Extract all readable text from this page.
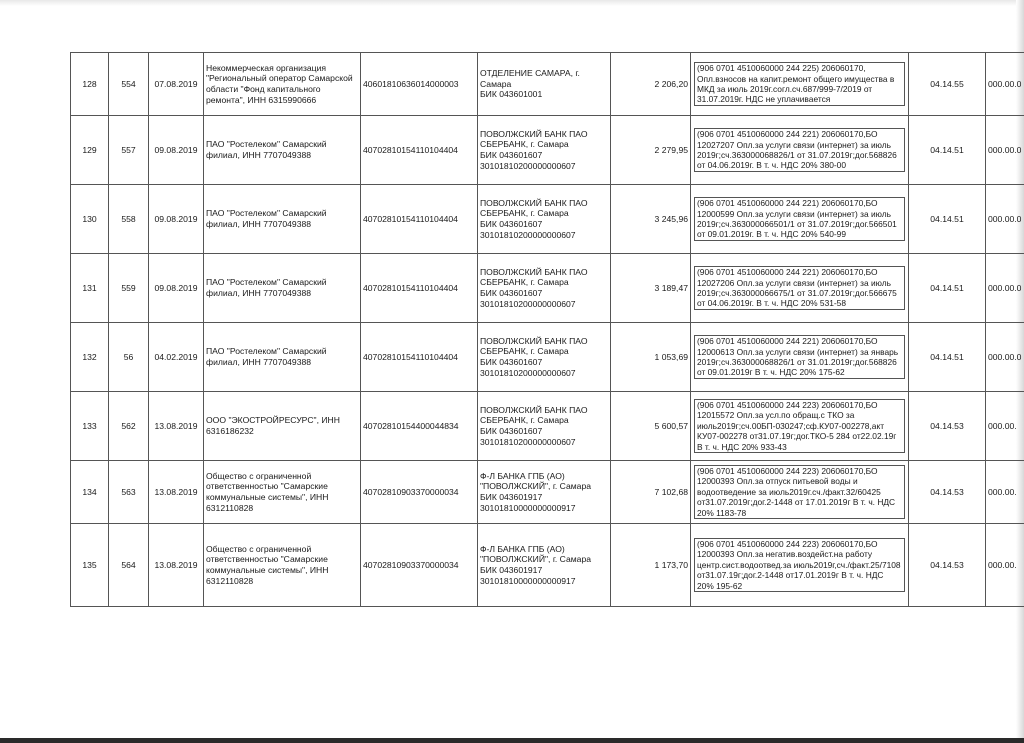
128	554	07.08.2019	Некоммерческая организация "Региональный оператор Самарской области "Фонд капитального ремонта", ИНН 6315990666	40601810636014000003	ОТДЕЛЕНИЕ САМАРА, г. Самара
БИК 043601001	2 206,20	(906 0701 4510060000 244 225) 206060170, Опл.взносов на капит.ремонт общего имущества в МКД за июль 2019г.согл.сч.687/999-7/2019 от 31.07.2019г. НДС не уплачивается	04.14.55	000.00.0
129	557	09.08.2019	ПАО "Ростелеком" Самарский филиал, ИНН 7707049388	40702810154110104404	ПОВОЛЖСКИЙ БАНК ПАО СБЕРБАНК, г. Самара
БИК 043601607
30101810200000000607	2 279,95	(906 0701 4510060000 244 221) 206060170,БО 12027207 Опл.за услуги связи (интернет) за июль 2019г;сч.363000068826/1 от 31.07.2019г;дог.568826 от 04.06.2019г. В т. ч. НДС 20% 380-00	04.14.51	000.00.0
130	558	09.08.2019	ПАО "Ростелеком" Самарский филиал, ИНН 7707049388	40702810154110104404	ПОВОЛЖСКИЙ БАНК ПАО СБЕРБАНК, г. Самара
БИК 043601607
30101810200000000607	3 245,96	(906 0701 4510060000 244 221) 206060170,БО 12000599 Опл.за услуги связи (интернет) за июль 2019г;сч.363000066501/1 от 31.07.2019г;дог.566501 от 09.01.2019г. В т. ч. НДС 20% 540-99	04.14.51	000.00.0
131	559	09.08.2019	ПАО "Ростелеком" Самарский филиал, ИНН 7707049388	40702810154110104404	ПОВОЛЖСКИЙ БАНК ПАО СБЕРБАНК, г. Самара
БИК 043601607
30101810200000000607	3 189,47	(906 0701 4510060000 244 221) 206060170,БО 12027206 Опл.за услуги связи (интернет) за июль 2019г;сч.363000066675/1 от 31.07.2019г;дог.566675 от 04.06.2019г. В т. ч. НДС 20% 531-58	04.14.51	000.00.0
132	56	04.02.2019	ПАО "Ростелеком" Самарский филиал, ИНН 7707049388	40702810154110104404	ПОВОЛЖСКИЙ БАНК ПАО СБЕРБАНК, г. Самара
БИК 043601607
30101810200000000607	1 053,69	(906 0701 4510060000 244 221) 206060170,БО 12000613 Опл.за услуги связи (интернет) за январь 2019г;сч.363000068826/1 от 31.01.2019г;дог.568826 от 09.01.2019г В т. ч. НДС 20% 175-62	04.14.51	000.00.0
133	562	13.08.2019	ООО "ЭКОСТРОЙРЕСУРС", ИНН 6316186232	40702810154400044834	ПОВОЛЖСКИЙ БАНК ПАО СБЕРБАНК, г. Самара
БИК 043601607
30101810200000000607	5 600,57	(906 0701 4510060000 244 223) 206060170,БО 12015572 Опл.за усл.по обращ.с ТКО за июль2019г;сч.00БП-030247;сф.КУ07-002278,акт КУ07-002278 от31.07.19г;дог.ТКО-5 284 от22.02.19г В т. ч. НДС 20% 933-43	04.14.53	000.00.
134	563	13.08.2019	Общество с ограниченной ответственностью "Самарские коммунальные системы", ИНН 6312110828	40702810903370000034	Ф-Л БАНКА ГПБ (АО) "ПОВОЛЖСКИЙ", г. Самара
БИК 043601917
30101810000000000917	7 102,68	(906 0701 4510060000 244 223) 206060170,БО 12000393 Опл.за отпуск питьевой воды и водоотведение за июль2019г.сч./факт.32/60425 от31.07.2019г;дог.2-1448 от 17.01.2019г В т. ч. НДС 20% 1183-78	04.14.53	000.00.
135	564	13.08.2019	Общество с ограниченной ответственностью "Самарские коммунальные системы", ИНН 6312110828	40702810903370000034	Ф-Л БАНКА ГПБ (АО) "ПОВОЛЖСКИЙ", г. Самара
БИК 043601917
30101810000000000917	1 173,70	(906 0701 4510060000 244 223) 206060170,БО 12000393 Опл.за негатив.воздейст.на работу центр.сист.водоотвед.за июль2019г,сч./факт.25/7108 от31.07.19г;дог.2-1448 от17.01.2019г В т. ч. НДС 20% 195-62	04.14.53	000.00.
